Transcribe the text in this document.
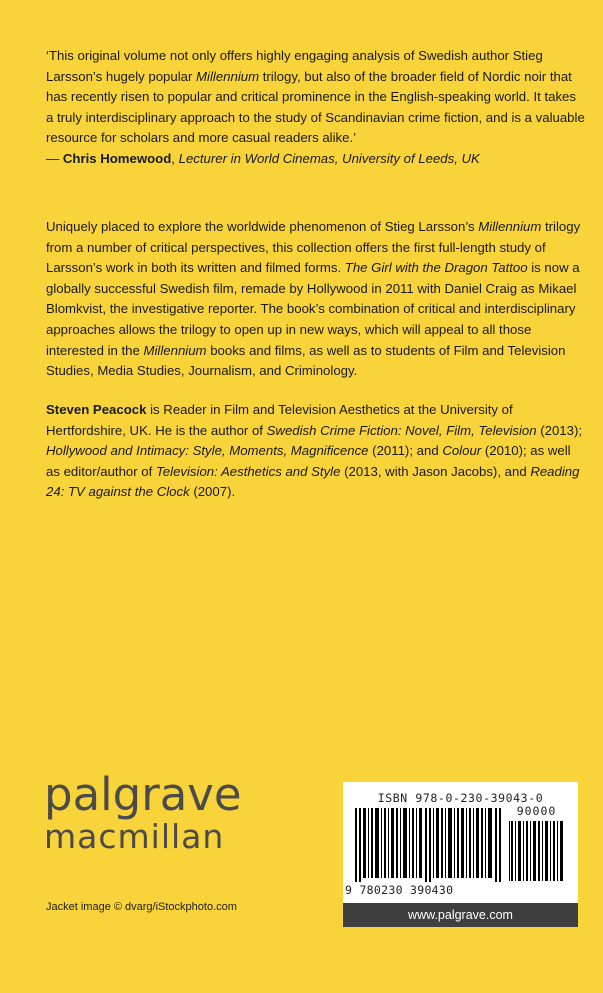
‘This original volume not only offers highly engaging analysis of Swedish author Stieg Larsson’s hugely popular Millennium trilogy, but also of the broader field of Nordic noir that has recently risen to popular and critical prominence in the English-speaking world. It takes a truly interdisciplinary approach to the study of Scandinavian crime fiction, and is a valuable resource for scholars and more casual readers alike.’

— Chris Homewood, Lecturer in World Cinemas, University of Leeds, UK

Uniquely placed to explore the worldwide phenomenon of Stieg Larsson’s Millennium trilogy from a number of critical perspectives, this collection offers the first full-length study of Larsson’s work in both its written and filmed forms. The Girl with the Dragon Tattoo is now a globally successful Swedish film, remade by Hollywood in 2011 with Daniel Craig as Mikael Blomkvist, the investigative reporter. The book’s combination of critical and interdisciplinary approaches allows the trilogy to open up in new ways, which will appeal to all those interested in the Millennium books and films, as well as to students of Film and Television Studies, Media Studies, Journalism, and Criminology.

Steven Peacock is Reader in Film and Television Aesthetics at the University of Hertfordshire, UK. He is the author of Swedish Crime Fiction: Novel, Film, Television (2013); Hollywood and Intimacy: Style, Moments, Magnificence (2011); and Colour (2010); as well as editor/author of Television: Aesthetics and Style (2013, with Jason Jacobs), and Reading 24: TV against the Clock (2007).

palgrave
macmillan
Jacket image © dvarg/iStockphoto.com
ISBN 978-0-230-39043-0
90000
9 780230 390430
www.palgrave.com
